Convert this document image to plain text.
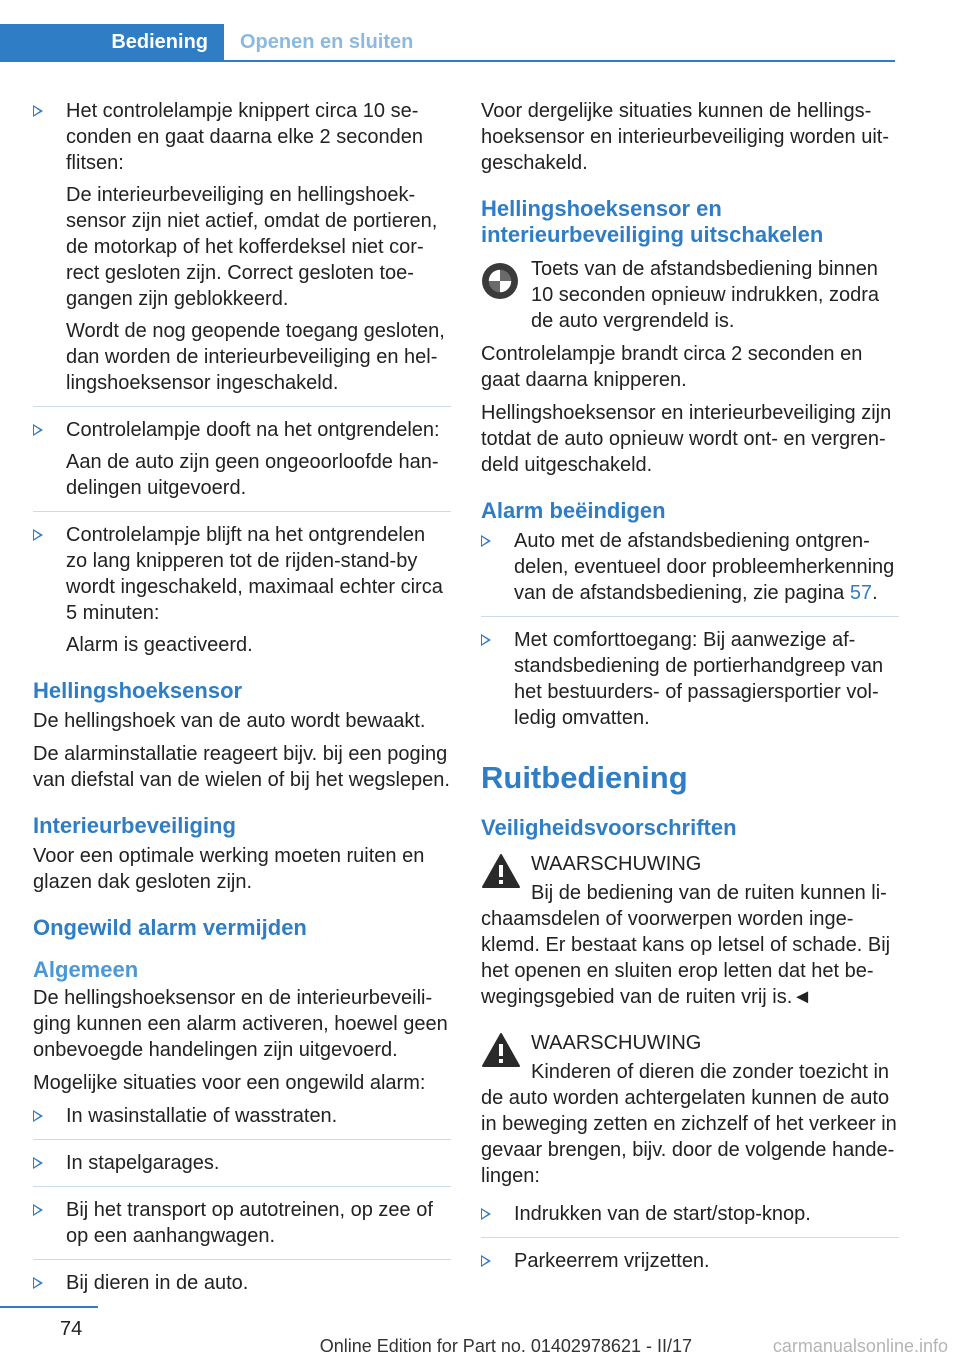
Bediening	Openen en sluiten

Het controlelampje knippert circa 10 se-conden en gaat daarna elke 2 seconden flitsen:

De interieurbeveiliging en hellingshoek-sensor zijn niet actief, omdat de portieren, de motorkap of het kofferdeksel niet cor-rect gesloten zijn. Correct gesloten toe-gangen zijn geblokkeerd.

Wordt de nog geopende toegang gesloten, dan worden de interieurbeveiliging en hel-lingshoeksensor ingeschakeld.

Controlelampje dooft na het ontgrendelen:

Aan de auto zijn geen ongeoorloofde han-delingen uitgevoerd.

Controlelampje blijft na het ontgrendelen zo lang knipperen tot de rijden-stand-by wordt ingeschakeld, maximaal echter circa 5 minuten:

Alarm is geactiveerd.

Hellingshoeksensor

De hellingshoek van de auto wordt bewaakt.

De alarminstallatie reageert bijv. bij een poging van diefstal van de wielen of bij het wegslepen.

Interieurbeveiliging

Voor een optimale werking moeten ruiten en glazen dak gesloten zijn.

Ongewild alarm vermijden
Algemeen

De hellingshoeksensor en de interieurbeveili-ging kunnen een alarm activeren, hoewel geen onbevoegde handelingen zijn uitgevoerd.

Mogelijke situaties voor een ongewild alarm:

In wasinstallatie of wasstraten.

In stapelgarages.

Bij het transport op autotreinen, op zee of op een aanhangwagen.

Bij dieren in de auto.

Voor dergelijke situaties kunnen de hellings-hoeksensor en interieurbeveiliging worden uit-geschakeld.

Hellingshoeksensor en interieurbeveiliging uitschakelen

Toets van de afstandsbediening binnen 10 seconden opnieuw indrukken, zodra de auto vergrendeld is.

Controlelampje brandt circa 2 seconden en gaat daarna knipperen.

Hellingshoeksensor en interieurbeveiliging zijn totdat de auto opnieuw wordt ont- en vergren-deld uitgeschakeld.

Alarm beëindigen

Auto met de afstandsbediening ontgren-delen, eventueel door probleemherkenning van de afstandsbediening, zie pagina 57.

Met comforttoegang: Bij aanwezige af-standsbediening de portierhandgreep van het bestuurders- of passagiersportier vol-ledig omvatten.

Ruitbediening
Veiligheidsvoorschriften

WAARSCHUWING

Bij de bediening van de ruiten kunnen li-chaamsdelen of voorwerpen worden inge-klemd. Er bestaat kans op letsel of schade. Bij het openen en sluiten erop letten dat het be-wegingsgebied van de ruiten vrij is.◄

WAARSCHUWING

Kinderen of dieren die zonder toezicht in de auto worden achtergelaten kunnen de auto in beweging zetten en zichzelf of het verkeer in gevaar brengen, bijv. door de volgende hande-lingen:

Indrukken van de start/stop-knop.

Parkeerrem vrijzetten.

74
Online Edition for Part no. 01402978621 - II/17	carmanualsonline.info
